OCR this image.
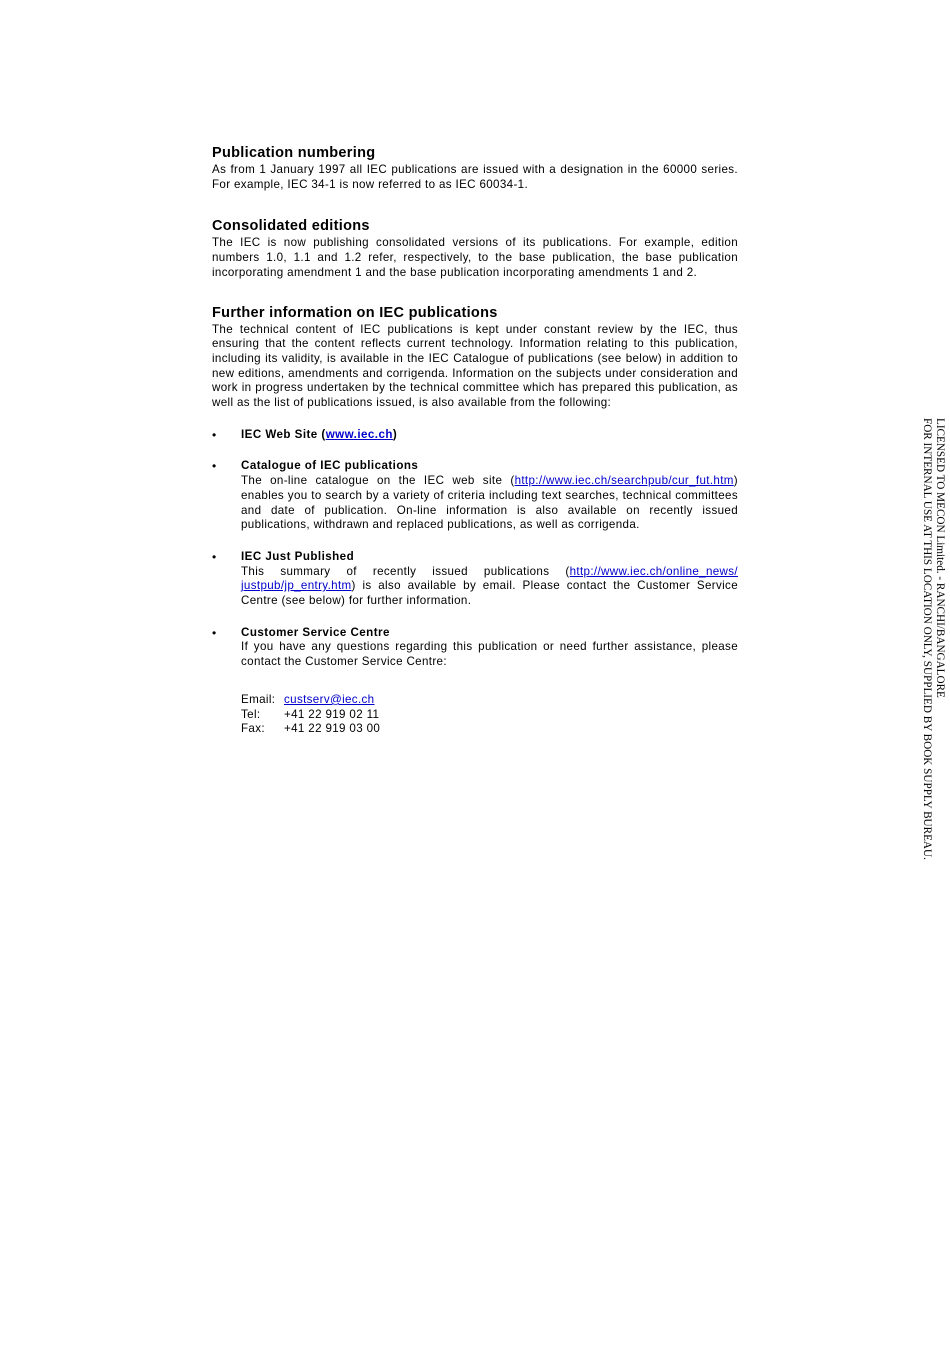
Publication numbering

As from 1 January 1997 all IEC publications are issued with a designation in the 60000 series. For example, IEC 34-1 is now referred to as IEC 60034-1.

Consolidated editions

The IEC is now publishing consolidated versions of its publications. For example, edition numbers 1.0, 1.1 and 1.2 refer, respectively, to the base publication, the base publication incorporating amendment 1 and the base publication incorporating amendments 1 and 2.

Further information on IEC publications

The technical content of IEC publications is kept under constant review by the IEC, thus ensuring that the content reflects current technology. Information relating to this publication, including its validity, is available in the IEC Catalogue of publications (see below) in addition to new editions, amendments and corrigenda. Information on the subjects under consideration and work in progress undertaken by the technical committee which has prepared this publication, as well as the list of publications issued, is also available from the following:

• IEC Web Site (www.iec.ch)
• Catalogue of IEC publications

The on-line catalogue on the IEC web site (http://www.iec.ch/searchpub/cur_fut.htm) enables you to search by a variety of criteria including text searches, technical committees and date of publication. On-line information is also available on recently issued publications, withdrawn and replaced publications, as well as corrigenda.

• IEC Just Published

This summary of recently issued publications (http://www.iec.ch/online_news/ justpub/jp_entry.htm) is also available by email. Please contact the Customer Service Centre (see below) for further information.

• Customer Service Centre

If you have any questions regarding this publication or need further assistance, please contact the Customer Service Centre:

Email: custserv@iec.ch
Tel:	+41 22 919 02 11
Fax:	+41 22 919 03 00
LICENSED TO MECON Limited. - RANCHI/BANGALORE
FOR INTERNAL USE AT THIS LOCATION ONLY, SUPPLIED BY BOOK SUPPLY BUREAU.
